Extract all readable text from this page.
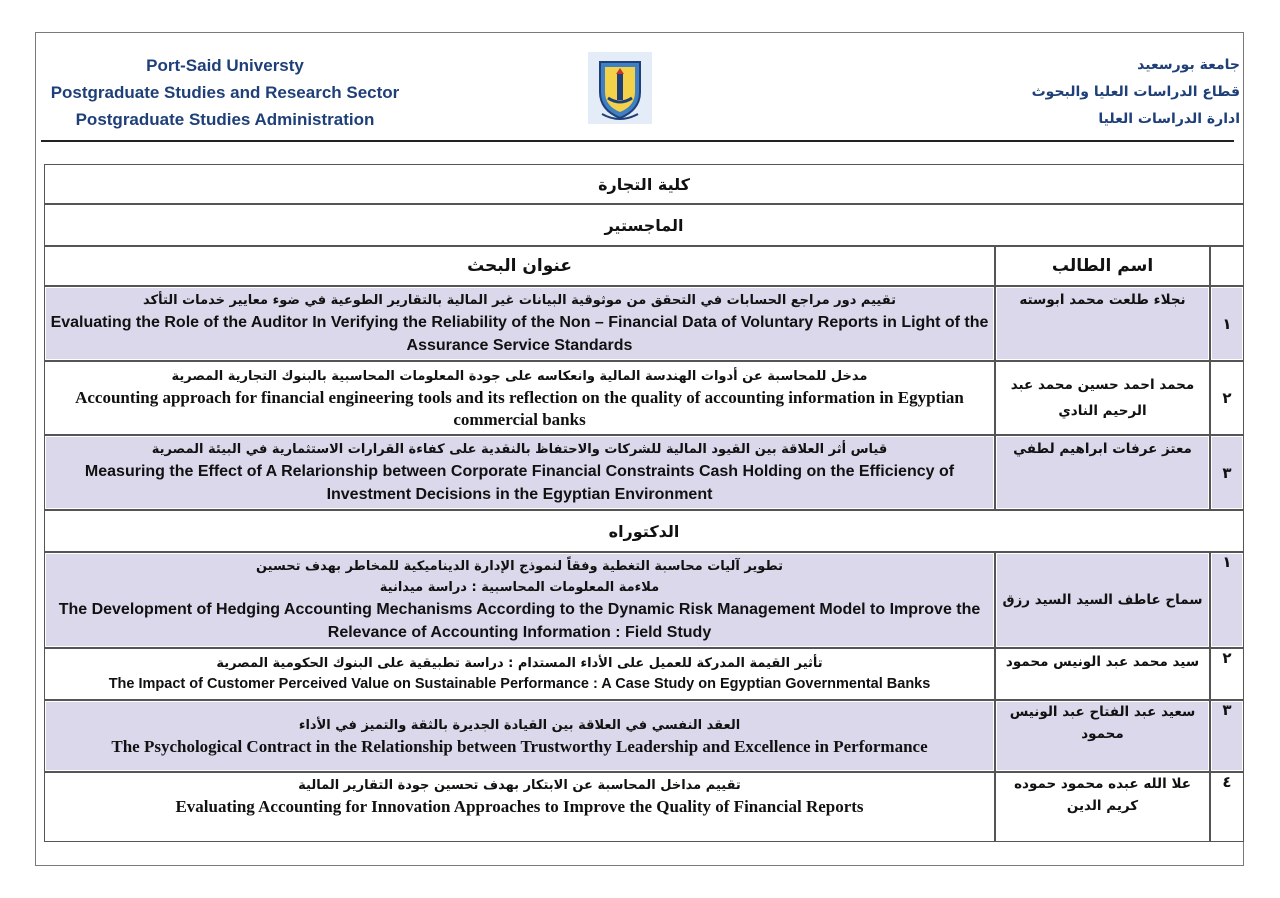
Port-Said Universty
Postgraduate Studies and Research Sector
Postgraduate Studies Administration
جامعة بورسعيد
قطاع الدراسات العليا والبحوث
ادارة الدراسات العليا
كلية التجارة		
الماجستير		
عنوان البحث	اسم الطالب	

تقييم دور مراجع الحسابات في التحقق من موثوقية البيانات غير المالية بالتقارير الطوعية في ضوء معايير خدمات التأكد
Evaluating the Role of the Auditor In Verifying the Reliability of the Non – Financial Data of Voluntary Reports in Light of the Assurance Service Standards	نجلاء طلعت محمد ابوسته	١

مدخل للمحاسبة عن أدوات الهندسة المالية وانعكاسه على جودة المعلومات المحاسبية بالبنوك التجارية المصرية
Accounting approach for financial engineering tools and its reflection on the quality of accounting information in Egyptian commercial banks	محمد احمد حسين محمد عبد الرحيم النادي	٢

قياس أثر العلاقة بين القيود المالية للشركات والاحتفاظ بالنقدية على كفاءة القرارات الاستثمارية في البيئة المصرية
Measuring the Effect of A Relarionship between Corporate Financial Constraints Cash Holding on the Efficiency of Investment Decisions in the Egyptian Environment	معتز عرفات ابراهيم لطفي	٣
الدكتوراه		

تطوير آليات محاسبة التغطية وفقاً لنموذج الإدارة الديناميكية للمخاطر بهدف تحسين ملاءمة المعلومات المحاسبية : دراسة ميدانية
The Development of Hedging Accounting Mechanisms According to the Dynamic Risk Management Model to Improve the Relevance of Accounting Information : Field Study	سماح عاطف السيد السيد رزق	١

تأثير القيمة المدركة للعميل على الأداء المستدام : دراسة تطبيقية على البنوك الحكومية المصرية
The Impact of Customer Perceived Value on Sustainable Performance : A Case Study on Egyptian Governmental Banks	سيد محمد عبد الونيس محمود	٢

العقد النفسي في العلاقة بين القيادة الجديرة بالثقة والتميز في الأداء
The Psychological Contract in the Relationship between Trustworthy Leadership and Excellence in Performance	سعيد عبد الفتاح عبد الونيس محمود	٣

تقييم مداخل المحاسبة عن الابتكار بهدف تحسين جودة التقارير المالية
Evaluating Accounting for Innovation Approaches to Improve the Quality of Financial Reports	علا الله عبده محمود حموده كريم الدين	٤
